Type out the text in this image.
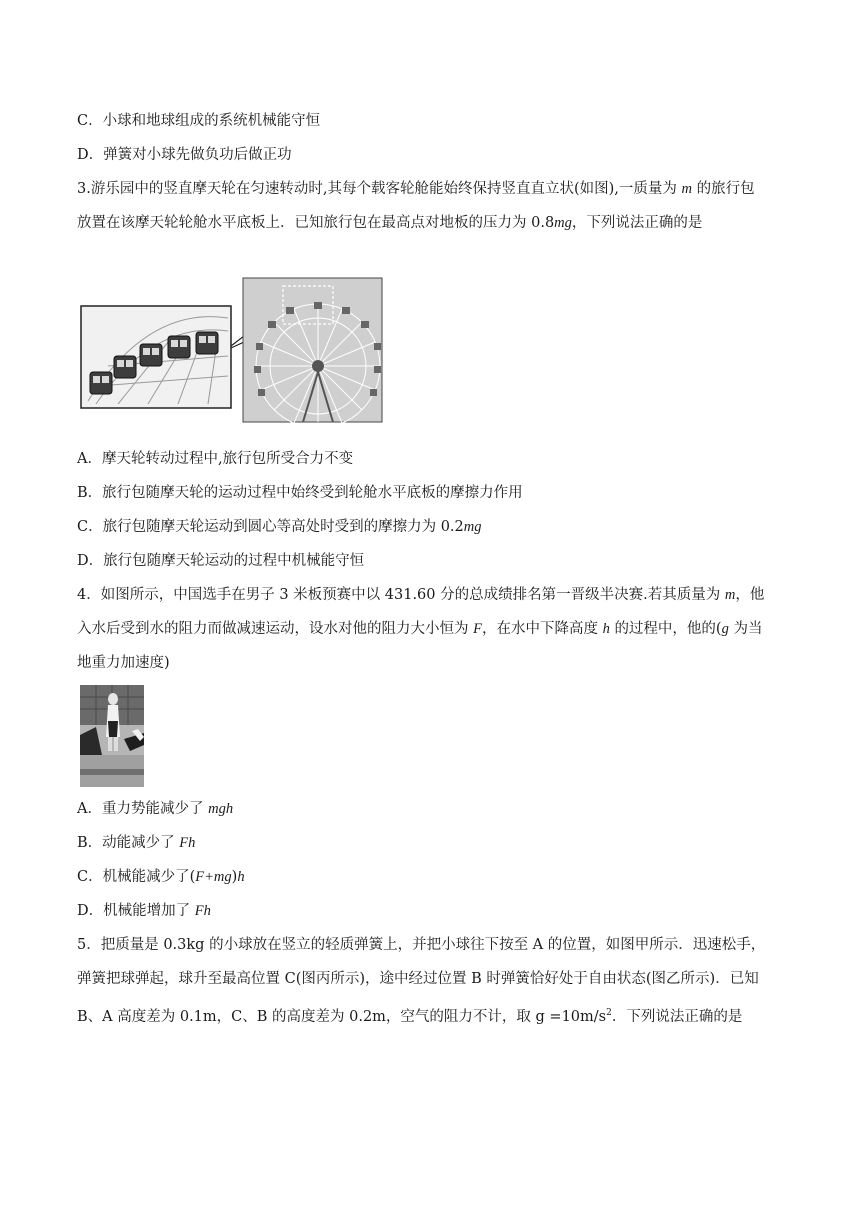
C．小球和地球组成的系统机械能守恒
D．弹簧对小球先做负功后做正功
3.游乐园中的竖直摩天轮在匀速转动时,其每个载客轮舱能始终保持竖直直立状(如图),一质量为 m 的旅行包
放置在该摩天轮轮舱水平底板上．已知旅行包在最高点对地板的压力为 0.8mg，下列说法正确的是
A．摩天轮转动过程中,旅行包所受合力不变
B．旅行包随摩天轮的运动过程中始终受到轮舱水平底板的摩擦力作用
C．旅行包随摩天轮运动到圆心等高处时受到的摩擦力为 0.2mg
D．旅行包随摩天轮运动的过程中机械能守恒
4．如图所示，中国选手在男子 3 米板预赛中以 431.60 分的总成绩排名第一晋级半决赛.若其质量为 m，他
入水后受到水的阻力而做减速运动，设水对他的阻力大小恒为 F，在水中下降高度 h 的过程中，他的(g 为当
地重力加速度)
A．重力势能减少了 mgh
B．动能减少了 Fh
C．机械能减少了(F+mg)h
D．机械能增加了 Fh
5．把质量是 0.3kg 的小球放在竖立的轻质弹簧上，并把小球往下按至 A 的位置，如图甲所示．迅速松手，
弹簧把球弹起，球升至最高位置 C(图丙所示)，途中经过位置 B 时弹簧恰好处于自由状态(图乙所示)．已知
B、A 高度差为 0.1m，C、B 的高度差为 0.2m，空气的阻力不计，取 $g =10m/s^2$．下列说法正确的是
